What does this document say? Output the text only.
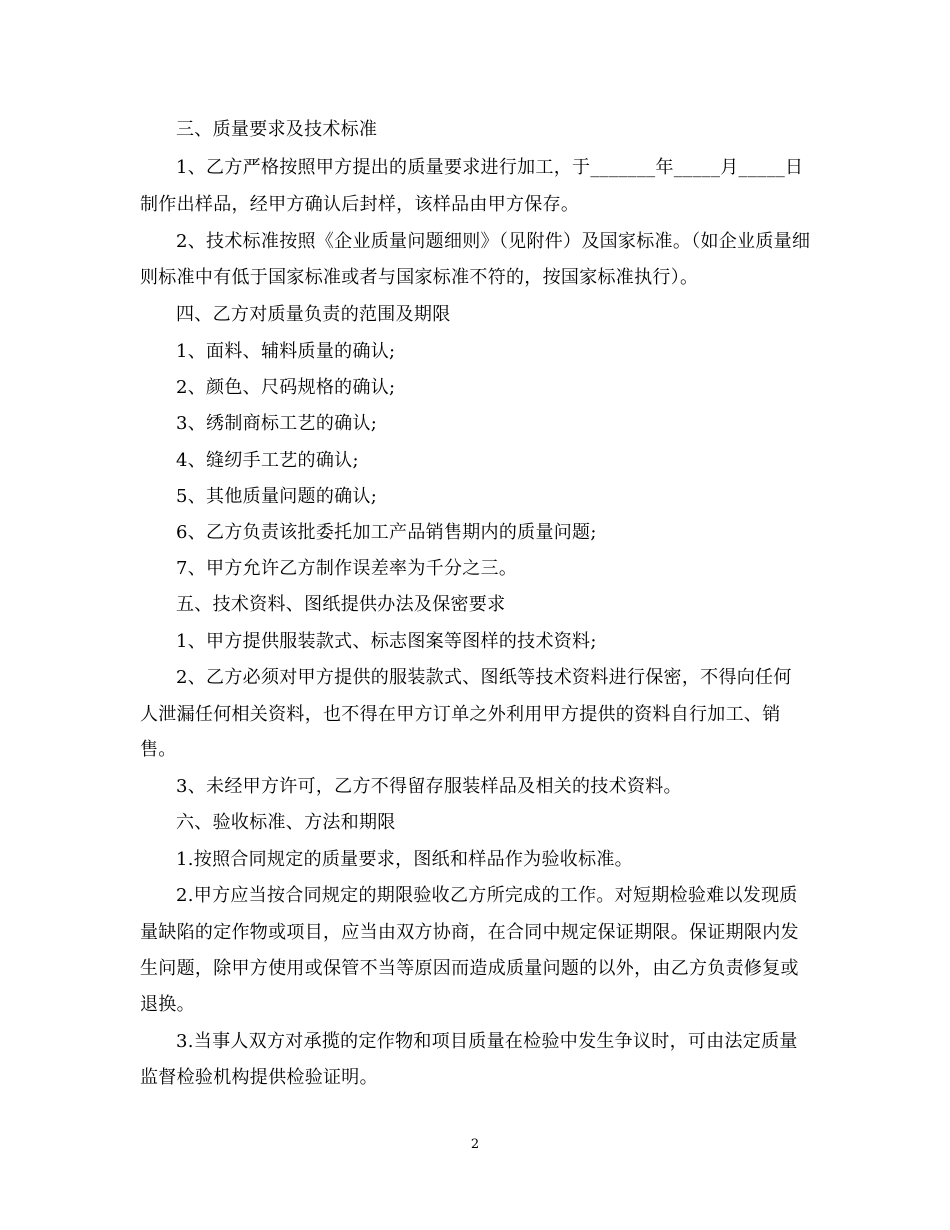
三、质量要求及技术标准
1、乙方严格按照甲方提出的质量要求进行加工，于_______年_____月_____日
制作出样品，经甲方确认后封样，该样品由甲方保存。
2、技术标准按照《企业质量问题细则》（见附件）及国家标准。（如企业质量细
则标准中有低于国家标准或者与国家标准不符的，按国家标准执行）。
四、乙方对质量负责的范围及期限
1、面料、辅料质量的确认;
2、颜色、尺码规格的确认;
3、绣制商标工艺的确认;
4、缝纫手工艺的确认;
5、其他质量问题的确认;
6、乙方负责该批委托加工产品销售期内的质量问题;
7、甲方允许乙方制作误差率为千分之三。
五、技术资料、图纸提供办法及保密要求
1、甲方提供服装款式、标志图案等图样的技术资料;
2、乙方必须对甲方提供的服装款式、图纸等技术资料进行保密，不得向任何
人泄漏任何相关资料，也不得在甲方订单之外利用甲方提供的资料自行加工、销
售。
3、未经甲方许可，乙方不得留存服装样品及相关的技术资料。
六、验收标准、方法和期限
1.按照合同规定的质量要求，图纸和样品作为验收标准。
2.甲方应当按合同规定的期限验收乙方所完成的工作。对短期检验难以发现质
量缺陷的定作物或项目，应当由双方协商，在合同中规定保证期限。保证期限内发
生问题，除甲方使用或保管不当等原因而造成质量问题的以外，由乙方负责修复或
退换。
3.当事人双方对承揽的定作物和项目质量在检验中发生争议时，可由法定质量
监督检验机构提供检验证明。
2
